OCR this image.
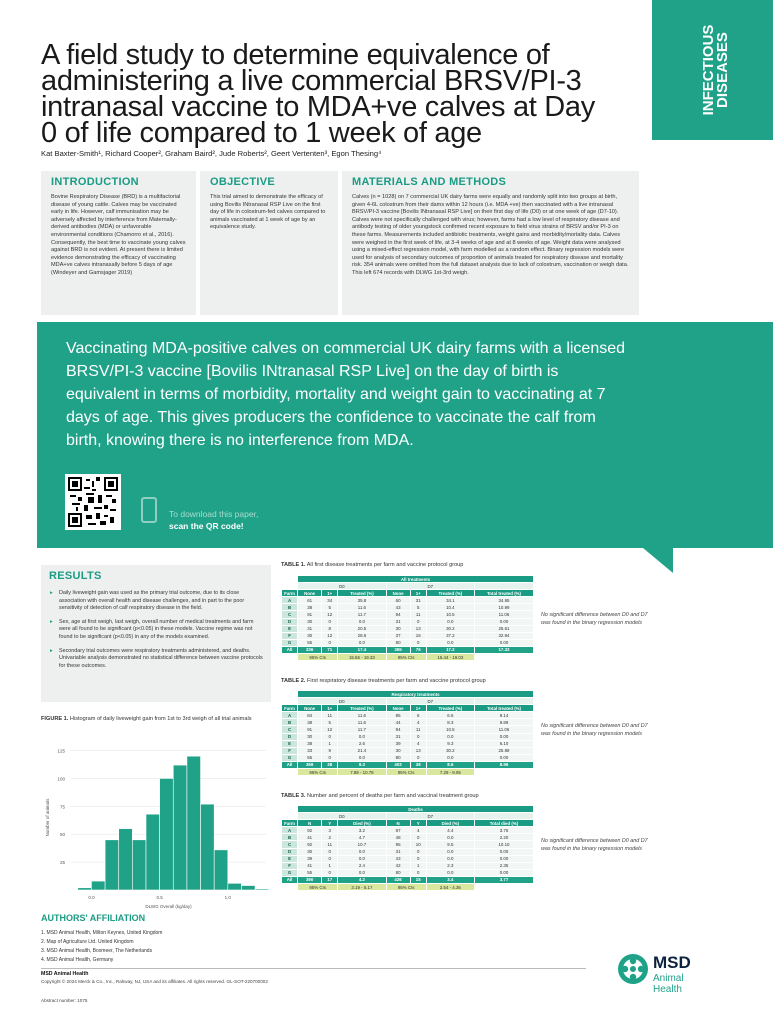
A field study to determine equivalence of administering a live commercial BRSV/PI-3 intranasal vaccine to MDA+ve calves at Day 0 of life compared to 1 week of age
Kat Baxter-Smith¹, Richard Cooper², Graham Baird², Jude Roberts², Geert Vertenten³, Egon Thesing⁴
INFECTIOUS
DISEASES
INTRODUCTION

Bovine Respiratory Disease (BRD) is a multifactorial disease of young cattle. Calves may be vaccinated early in life. However, calf immunisation may be adversely affected by interference from Maternally-derived antibodies (MDA) or unfavorable environmental conditions (Chamorro et al., 2016). Consequently, the best time to vaccinate young calves against BRD is not evident. At present there is limited evidence demonstrating the efficacy of vaccinating MDA+ve calves intranasally before 5 days of age (Windeyer and Gamsjager 2019)

OBJECTIVE

This trial aimed to demonstrate the efficacy of using Bovilis INtranasal RSP Live on the first day of life in colostrum-fed calves compared to animals vaccinated at 1 week of age by an equivalence study.

MATERIALS AND METHODS

Calves (n = 1028) on 7 commercial UK dairy farms were equally and randomly split into two groups at birth, given 4-6L colostrum from their dams within 12 hours (i.e. MDA +ve) then vaccinated with a live intranasal BRSV/PI-3 vaccine [Bovilis INtranasal RSP Live] on their first day of life (D0) or at one week of age (D7-10). Calves were not specifically challenged with virus; however, farms had a low level of respiratory disease and antibody testing of older youngstock confirmed recent exposure to field virus strains of BRSV and/or PI-3 on these farms. Measurements included antibiotic treatments, weight gains and morbidity/mortality data. Calves were weighed in the first week of life, at 3-4 weeks of age and at 8 weeks of age. Weight data were analysed using a mixed-effect regression model, with farm modelled as a random effect. Binary regression models were used for analysis of secondary outcomes of proportion of animals treated for respiratory disease and mortality risk. 354 animals were omitted from the full dataset analysis due to lack of colostrum, vaccination or weigh data. This left 674 records with DLWG 1st-3rd weigh.

Vaccinating MDA-positive calves on commercial UK dairy farms with a licensed BRSV/PI-3 vaccine [Bovilis INtranasal RSP Live] on the day of birth is equivalent in terms of morbidity, mortality and weight gain to vaccinating at 7 days of age. This gives producers the confidence to vaccinate the calf from birth, knowing there is no interference from MDA.

To download this paper,
scan the QR code!
RESULTS
▸ Daily liveweight gain was used as the primary trial outcome, due to its close association with overall health and disease challenges, and in part to the poor sensitivity of detection of calf respiratory disease in the field.
▸ Sex, age at first weigh, last weigh, overall number of medical treatments and farm were all found to be significant (p<0.05) in these models. Vaccine regime was not found to be significant (p<0.05) in any of the models examined.
▸ Secondary trial outcomes were respiratory treatments administered, and deaths. Univariable analysis demonstrated no statistical difference between vaccine protocols for these outcomes.
FIGURE 1. Histogram of daily liveweight gain from 1st to 3rd weigh of all trial animals
25
50
75
100
125
0.0	0.5	1.0
DLWG Overall (kg/day)
Number of animals
TABLE 1. All first disease treatments per farm and vaccine protocol group
	All treatments						
	D0			D7			
Farm	None	1+	Treated (%)	None	1+	Treated (%)	Total treated (%)
A	61	34	35.8	60	31	34.1	34.95
B	38	5	11.6	43	5	10.4	10.99
C	91	12	11.7	94	11	10.5	11.06
D	30	0	0.0	31	0	0.0	0.00
E	31	8	20.5	30	13	30.2	25.61
F	30	12	28.6	37	16	37.2	32.94
G	55	0	0.0	80	0	0.0	0.00
All	336	71	17.4	365	76	17.2	17.33
	95% CIs		15.56 - 19.33	95% CIs		15.44 - 19.03	
No significant difference between D0 and D7 was found in the binary regression models
TABLE 2. First respiratory disease treatments per farm and vaccine protocol group
	Respiratory treatments						
	D0			D7			
Farm	None	1+	Treated (%)	None	1+	Treated (%)	Total treated (%)
A	84	11	11.6	85	6	6.6	9.14
B	38	5	11.6	44	4	8.3	9.89
C	91	12	11.7	94	11	10.5	11.06
D	30	0	0.0	31	0	0.0	0.00
E	38	1	2.6	39	4	9.3	6.10
F	33	9	21.4	30	13	30.2	25.88
G	55	0	0.0	80	0	0.0	0.00
All	369	38	9.3	403	38	8.6	8.96
	95% CIs		7.89 - 10.78	95% CIs		7.28 - 9.95	
No significant difference between D0 and D7 was found in the binary regression models
TABLE 3. Number and percent of deaths per farm and vaccinal treatment group
	Deaths						
	D0			D7			
Farm	N	Y	Died (%)	N	Y	Died (%)	Total died (%)
A	92	3	3.2	87	4	4.4	3.76
B	41	2	4.7	48	0	0.0	2.20
C	92	11	10.7	95	10	9.5	10.10
D	30	0	0.0	31	0	0.0	0.00
E	39	0	0.0	43	0	0.0	0.00
F	41	1	2.4	42	1	2.3	2.35
G	55	0	0.0	80	0	0.0	0.00
All	390	17	4.2	426	15	3.4	3.77
	95% CIs		3.19 - 5.17	95% CIs		2.54 - 4.36	
No significant difference between D0 and D7 was found in the binary regression models
AUTHORS' AFFILIATION
1. MSD Animal Health, Milton Keynes, United Kingdom
2. Map of Agriculture Ltd. United Kingdom
3. MSD Animal Health, Boxmeer, The Netherlands
4. MSD Animal Health, Germany
MSD Animal Health
Copyright © 2024 Merck & Co., Inc., Rahway, NJ, USA and its affiliates. All rights reserved. GL-SOT-220700002
Abstract number: 1075
MSD
Animal Health
